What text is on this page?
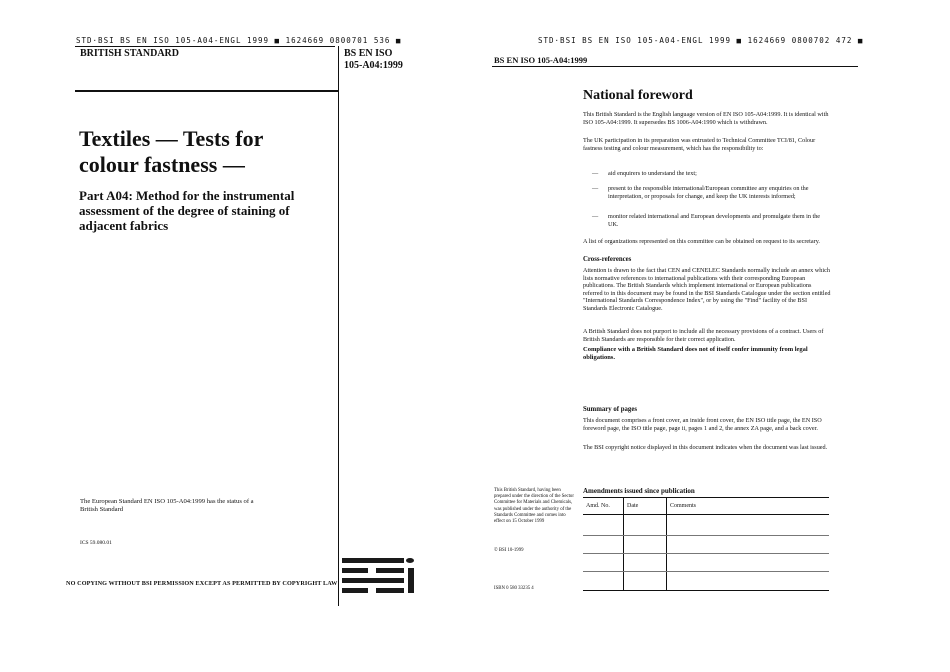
STD·BSI BS EN ISO 105-A04-ENGL 1999 ■ 1624669 0800701 536 ■
BRITISH STANDARD	BS EN ISO
105-A04:1999
Textiles — Tests for
colour fastness —
Part A04: Method for the instrumental
assessment of the degree of staining of
adjacent fabrics
The European Standard EN ISO 105-A04:1999 has the status of a
British Standard
ICS 59.080.01
NO COPYING WITHOUT BSI PERMISSION EXCEPT AS PERMITTED BY COPYRIGHT LAW
STD·BSI BS EN ISO 105-A04-ENGL 1999 ■ 1624669 0800702 472 ■
BS EN ISO 105-A04:1999
National foreword
This British Standard is the English language version of EN ISO 105-A04:1999. It is identical with ISO 105-A04:1999. It supersedes BS 1006-A04:1990 which is withdrawn.
The UK participation in its preparation was entrusted to Technical Committee TCI/81, Colour fastness testing and colour measurement, which has the responsibility to:
—	aid enquirers to understand the text;
—	present to the responsible international/European committee any enquiries on the interpretation, or proposals for change, and keep the UK interests informed;
—	monitor related international and European developments and promulgate them in the UK.
A list of organizations represented on this committee can be obtained on request to its secretary.
Cross-references
Attention is drawn to the fact that CEN and CENELEC Standards normally include an annex which lists normative references to international publications with their corresponding European publications. The British Standards which implement international or European publications referred to in this document may be found in the BSI Standards Catalogue under the section entitled "International Standards Correspondence Index", or by using the "Find" facility of the BSI Standards Electronic Catalogue.
A British Standard does not purport to include all the necessary provisions of a contract. Users of British Standards are responsible for their correct application.
Compliance with a British Standard does not of itself confer immunity from legal obligations.
Summary of pages
This document comprises a front cover, an inside front cover, the EN ISO title page, the EN ISO foreword page, the ISO title page, page ii, pages 1 and 2, the annex ZA page, and a back cover.
The BSI copyright notice displayed in this document indicates when the document was last issued.
This British Standard, having been prepared under the direction of the Sector Committee for Materials and Chemicals, was published under the authority of the Standards Committee and comes into effect on 15 October 1999
© BSI 10-1999
ISBN 0 580 33235 4
Amendments issued since publication
Amd. No.	Date	Comments
